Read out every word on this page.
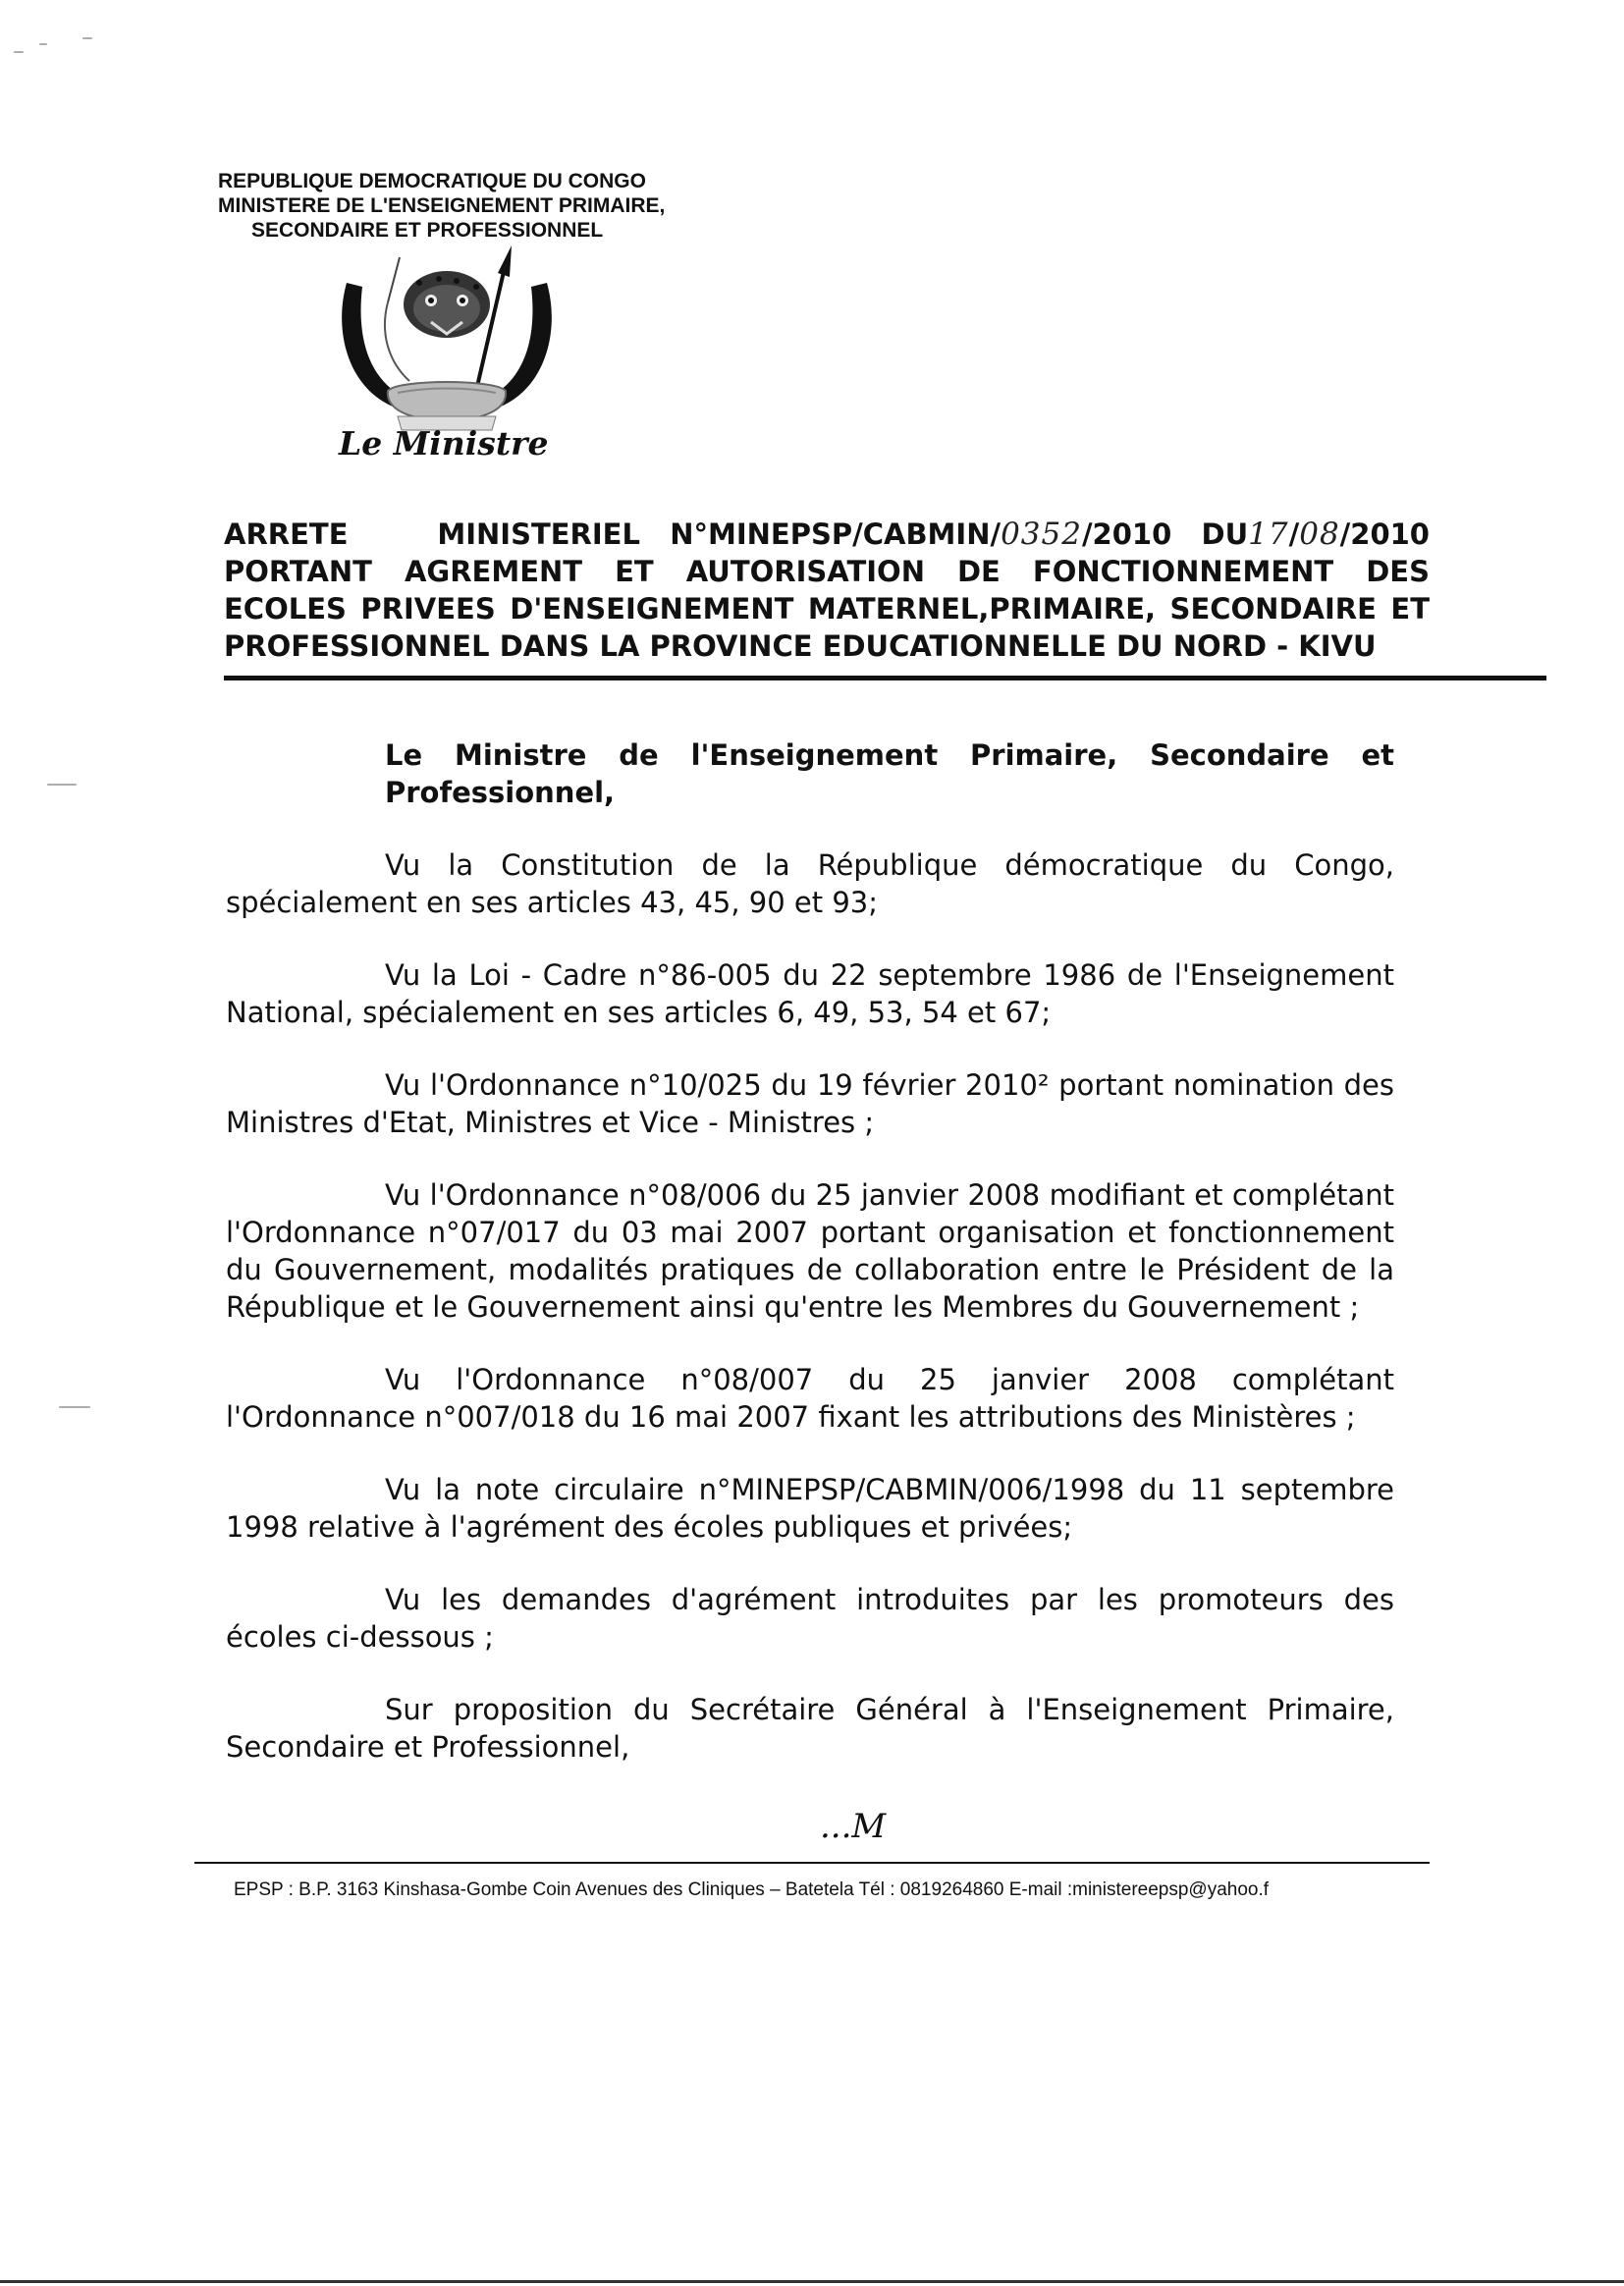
REPUBLIQUE DEMOCRATIQUE DU CONGO

MINISTERE DE L'ENSEIGNEMENT PRIMAIRE,
SECONDAIRE ET PROFESSIONNEL
Le Ministre
ARRETE	MINISTERIEL N°MINEPSP/CABMIN/0352/2010 DU17/08/2010
PORTANT AGREMENT ET AUTORISATION DE FONCTIONNEMENT DES
ECOLES PRIVEES D'ENSEIGNEMENT MATERNEL,PRIMAIRE, SECONDAIRE ET
PROFESSIONNEL DANS LA PROVINCE EDUCATIONNELLE DU NORD - KIVU
Le Ministre de l'Enseignement Primaire, Secondaire et Professionnel,

Vu la Constitution de la République démocratique du Congo, spécialement en ses articles 43, 45, 90 et 93;

Vu la Loi - Cadre n°86-005 du 22 septembre 1986 de l'Enseignement National, spécialement en ses articles 6, 49, 53, 54 et 67;

Vu l'Ordonnance n°10/025 du 19 février 2010² portant nomination des Ministres d'Etat, Ministres et Vice - Ministres ;

Vu l'Ordonnance n°08/006 du 25 janvier 2008 modifiant et complétant l'Ordonnance n°07/017 du 03 mai 2007 portant organisation et fonctionnement du Gouvernement, modalités pratiques de collaboration entre le Président de la République et le Gouvernement ainsi qu'entre les Membres du Gouvernement ;

Vu l'Ordonnance n°08/007 du 25 janvier 2008 complétant l'Ordonnance n°007/018 du 16 mai 2007 fixant les attributions des Ministères ;

Vu la note circulaire n°MINEPSP/CABMIN/006/1998 du 11 septembre 1998 relative à l'agrément des écoles publiques et privées;

Vu les demandes d'agrément introduites par les promoteurs des écoles ci-dessous ;

Sur proposition du Secrétaire Général à l'Enseignement Primaire, Secondaire et Professionnel,

...M
EPSP : B.P. 3163 Kinshasa-Gombe Coin Avenues des Cliniques – Batetela Tél : 0819264860 E-mail :ministereepsp@yahoo.f
